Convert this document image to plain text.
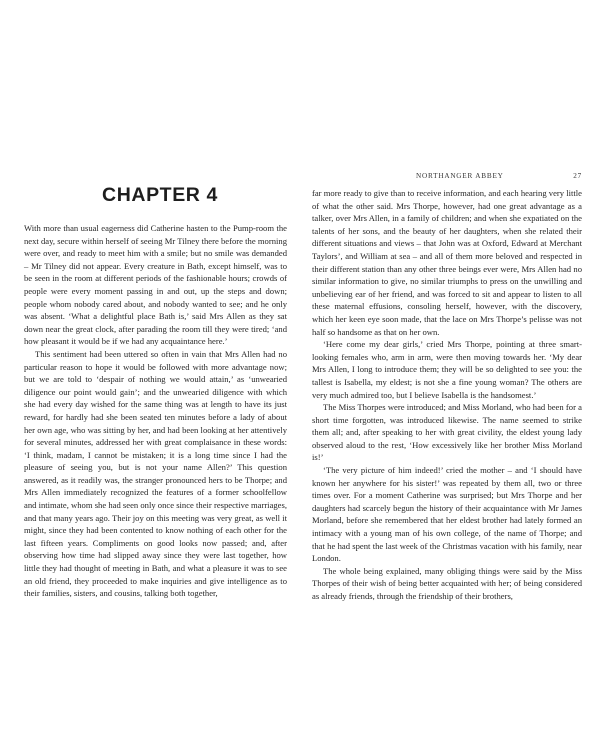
CHAPTER 4

With more than usual eagerness did Catherine hasten to the Pump-room the next day, secure within herself of seeing Mr Tilney there before the morning were over, and ready to meet him with a smile; but no smile was demanded – Mr Tilney did not appear. Every creature in Bath, except himself, was to be seen in the room at different periods of the fashionable hours; crowds of people were every moment passing in and out, up the steps and down; people whom nobody cared about, and nobody wanted to see; and he only was absent. ‘What a delightful place Bath is,’ said Mrs Allen as they sat down near the great clock, after parading the room till they were tired; ‘and how pleasant it would be if we had any acquaintance here.’

This sentiment had been uttered so often in vain that Mrs Allen had no particular reason to hope it would be followed with more advantage now; but we are told to ‘despair of nothing we would attain,’ as ‘unwearied diligence our point would gain’; and the unwearied diligence with which she had every day wished for the same thing was at length to have its just reward, for hardly had she been seated ten minutes before a lady of about her own age, who was sitting by her, and had been looking at her attentively for several minutes, addressed her with great complaisance in these words: ‘I think, madam, I cannot be mistaken; it is a long time since I had the pleasure of seeing you, but is not your name Allen?’ This question answered, as it readily was, the stranger pronounced hers to be Thorpe; and Mrs Allen immediately recognized the features of a former schoolfellow and intimate, whom she had seen only once since their respective marriages, and that many years ago. Their joy on this meeting was very great, as well it might, since they had been contented to know nothing of each other for the last fifteen years. Compliments on good looks now passed; and, after observing how time had slipped away since they were last together, how little they had thought of meeting in Bath, and what a pleasure it was to see an old friend, they proceeded to make inquiries and give intelligence as to their families, sisters, and cousins, talking both together,

NORTHANGER ABBEY	27

far more ready to give than to receive information, and each hearing very little of what the other said. Mrs Thorpe, however, had one great advantage as a talker, over Mrs Allen, in a family of children; and when she expatiated on the talents of her sons, and the beauty of her daughters, when she related their different situations and views – that John was at Oxford, Edward at Merchant Taylors’, and William at sea – and all of them more beloved and respected in their different station than any other three beings ever were, Mrs Allen had no similar information to give, no similar triumphs to press on the unwilling and unbelieving ear of her friend, and was forced to sit and appear to listen to all these maternal effusions, consoling herself, however, with the discovery, which her keen eye soon made, that the lace on Mrs Thorpe’s pelisse was not half so handsome as that on her own.

‘Here come my dear girls,’ cried Mrs Thorpe, pointing at three smart-looking females who, arm in arm, were then moving towards her. ‘My dear Mrs Allen, I long to introduce them; they will be so delighted to see you: the tallest is Isabella, my eldest; is not she a fine young woman? The others are very much admired too, but I believe Isabella is the handsomest.’

The Miss Thorpes were introduced; and Miss Morland, who had been for a short time forgotten, was introduced likewise. The name seemed to strike them all; and, after speaking to her with great civility, the eldest young lady observed aloud to the rest, ‘How excessively like her brother Miss Morland is!’

‘The very picture of him indeed!’ cried the mother – and ‘I should have known her anywhere for his sister!’ was repeated by them all, two or three times over. For a moment Catherine was surprised; but Mrs Thorpe and her daughters had scarcely begun the history of their acquaintance with Mr James Morland, before she remembered that her eldest brother had lately formed an intimacy with a young man of his own college, of the name of Thorpe; and that he had spent the last week of the Christmas vacation with his family, near London.

The whole being explained, many obliging things were said by the Miss Thorpes of their wish of being better acquainted with her; of being considered as already friends, through the friendship of their brothers,
